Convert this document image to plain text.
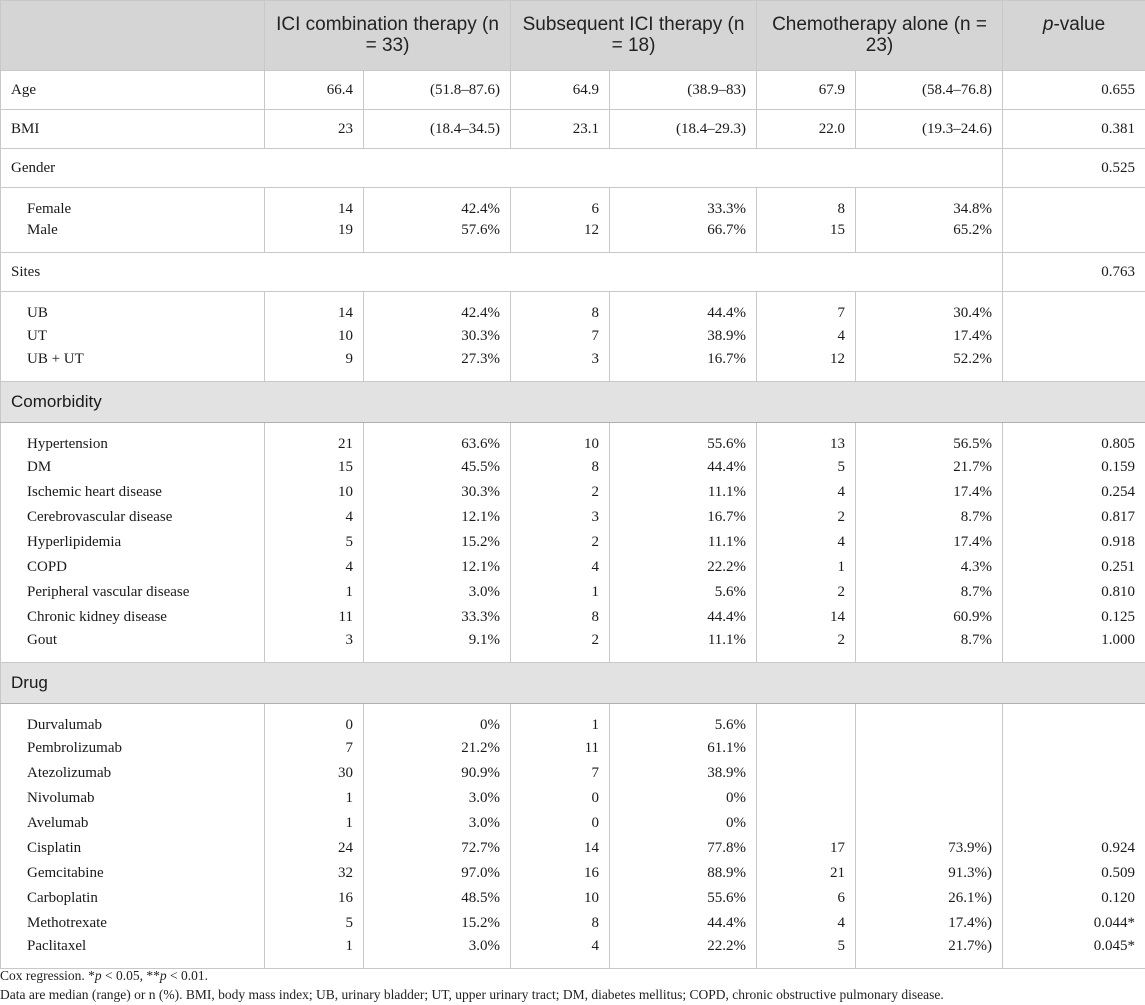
	ICI combination therapy (n = 33)		Subsequent ICI therapy (n = 18)		Chemotherapy alone (n = 23)		p-value
Age	66.4	(51.8–87.6)	64.9	(38.9–83)	67.9	(58.4–76.8)	0.655
BMI	23	(18.4–34.5)	23.1	(18.4–29.3)	22.0	(19.3–24.6)	0.381
Gender							0.525
Female	14	42.4%	6	33.3%	8	34.8%	
Male	19	57.6%	12	66.7%	15	65.2%	
Sites							0.763
UB	14	42.4%	8	44.4%	7	30.4%	
UT	10	30.3%	7	38.9%	4	17.4%	
UB + UT	9	27.3%	3	16.7%	12	52.2%	
Comorbidity							
Hypertension	21	63.6%	10	55.6%	13	56.5%	0.805
DM	15	45.5%	8	44.4%	5	21.7%	0.159
Ischemic heart disease	10	30.3%	2	11.1%	4	17.4%	0.254
Cerebrovascular disease	4	12.1%	3	16.7%	2	8.7%	0.817
Hyperlipidemia	5	15.2%	2	11.1%	4	17.4%	0.918
COPD	4	12.1%	4	22.2%	1	4.3%	0.251
Peripheral vascular disease	1	3.0%	1	5.6%	2	8.7%	0.810
Chronic kidney disease	11	33.3%	8	44.4%	14	60.9%	0.125
Gout	3	9.1%	2	11.1%	2	8.7%	1.000
Drug							
Durvalumab	0	0%	1	5.6%			
Pembrolizumab	7	21.2%	11	61.1%			
Atezolizumab	30	90.9%	7	38.9%			
Nivolumab	1	3.0%	0	0%			
Avelumab	1	3.0%	0	0%			
Cisplatin	24	72.7%	14	77.8%	17	73.9%)	0.924
Gemcitabine	32	97.0%	16	88.9%	21	91.3%)	0.509
Carboplatin	16	48.5%	10	55.6%	6	26.1%)	0.120
Methotrexate	5	15.2%	8	44.4%	4	17.4%)	0.044*
Paclitaxel	1	3.0%	4	22.2%	5	21.7%)	0.045*
Cox regression. *p < 0.05, **p < 0.01.
Data are median (range) or n (%). BMI, body mass index; UB, urinary bladder; UT, upper urinary tract; DM, diabetes mellitus; COPD, chronic obstructive pulmonary disease.
